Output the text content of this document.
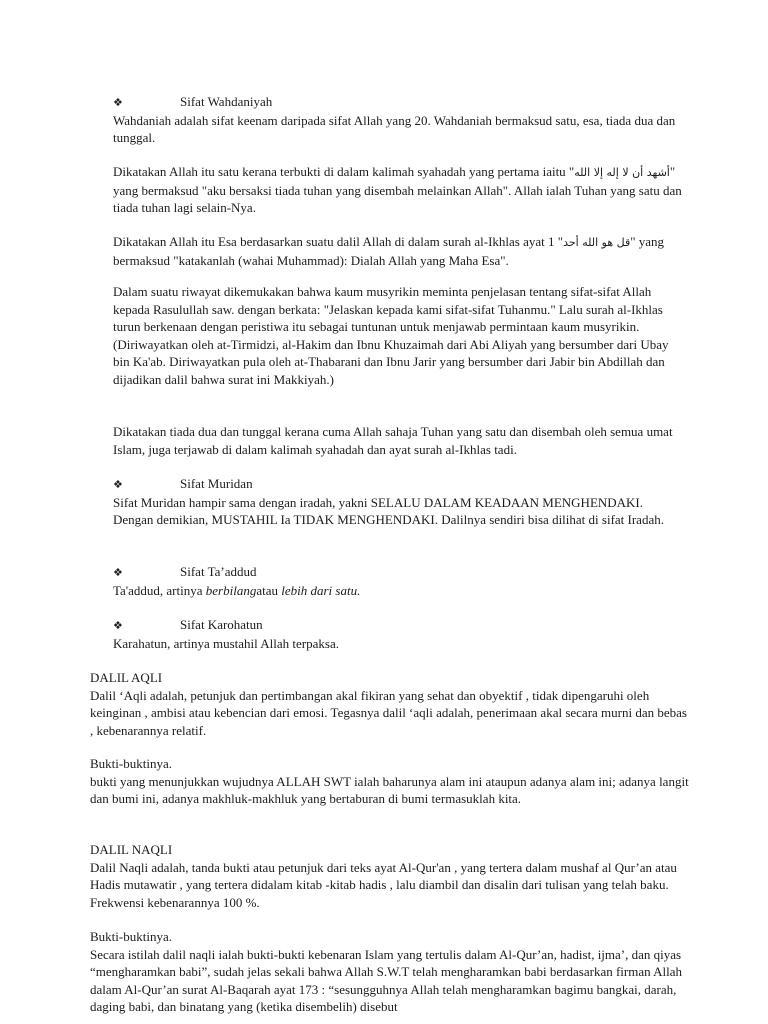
❖	Sifat Wahdaniyah

Wahdaniah adalah sifat keenam daripada sifat Allah yang 20. Wahdaniah bermaksud satu, esa, tiada dua dan tunggal.

Dikatakan Allah itu satu kerana terbukti di dalam kalimah syahadah yang pertama iaitu "أشهد أن لا إله إلا الله" yang bermaksud "aku bersaksi tiada tuhan yang disembah melainkan Allah". Allah ialah Tuhan yang satu dan tiada tuhan lagi selain-Nya.

Dikatakan Allah itu Esa berdasarkan suatu dalil Allah di dalam surah al-Ikhlas ayat 1 "قل هو الله أحد" yang bermaksud "katakanlah (wahai Muhammad): Dialah Allah yang Maha Esa".

Dalam suatu riwayat dikemukakan bahwa kaum musyrikin meminta penjelasan tentang sifat-sifat Allah kepada Rasulullah saw. dengan berkata: "Jelaskan kepada kami sifat-sifat Tuhanmu." Lalu surah al-Ikhlas turun berkenaan dengan peristiwa itu sebagai tuntunan untuk menjawab permintaan kaum musyrikin. (Diriwayatkan oleh at-Tirmidzi, al-Hakim dan Ibnu Khuzaimah dari Abi Aliyah yang bersumber dari Ubay bin Ka'ab. Diriwayatkan pula oleh at-Thabarani dan Ibnu Jarir yang bersumber dari Jabir bin Abdillah dan dijadikan dalil bahwa surat ini Makkiyah.)

Dikatakan tiada dua dan tunggal kerana cuma Allah sahaja Tuhan yang satu dan disembah oleh semua umat Islam, juga terjawab di dalam kalimah syahadah dan ayat surah al-Ikhlas tadi.

❖	Sifat Muridan

Sifat Muridan hampir sama dengan iradah, yakni SELALU DALAM KEADAAN MENGHENDAKI. Dengan demikian, MUSTAHIL Ia TIDAK MENGHENDAKI. Dalilnya sendiri bisa dilihat di sifat Iradah.

❖	Sifat Ta’addud

Ta'addud, artinya berbilangatau lebih dari satu.

❖	Sifat Karohatun

Karahatun, artinya mustahil Allah terpaksa.

DALIL AQLI

Dalil ‘Aqli adalah, petunjuk dan pertimbangan akal fikiran yang sehat dan obyektif , tidak dipengaruhi oleh keinginan , ambisi atau kebencian dari emosi. Tegasnya dalil ‘aqli adalah, penerimaan akal secara murni dan bebas , kebenarannya relatif.

Bukti-buktinya.

bukti yang menunjukkan wujudnya ALLAH SWT ialah baharunya alam ini ataupun adanya alam ini; adanya langit dan bumi ini, adanya makhluk-makhluk yang bertaburan di bumi termasuklah kita.

DALIL NAQLI

Dalil Naqli adalah, tanda bukti atau petunjuk dari teks ayat Al-Qur'an , yang tertera dalam mushaf al Qur’an atau Hadis mutawatir , yang tertera didalam kitab -kitab hadis , lalu diambil dan disalin dari tulisan yang telah baku. Frekwensi kebenarannya 100 %.

Bukti-buktinya.

Secara istilah dalil naqli ialah bukti-bukti kebenaran Islam yang tertulis dalam Al-Qur’an, hadist, ijma’, dan qiyas

“mengharamkan babi”, sudah jelas sekali bahwa Allah S.W.T telah mengharamkan babi berdasarkan firman Allah dalam Al-Qur’an surat Al-Baqarah ayat 173 : “sesungguhnya Allah telah mengharamkan bagimu bangkai, darah, daging babi, dan binatang yang (ketika disembelih) disebut
